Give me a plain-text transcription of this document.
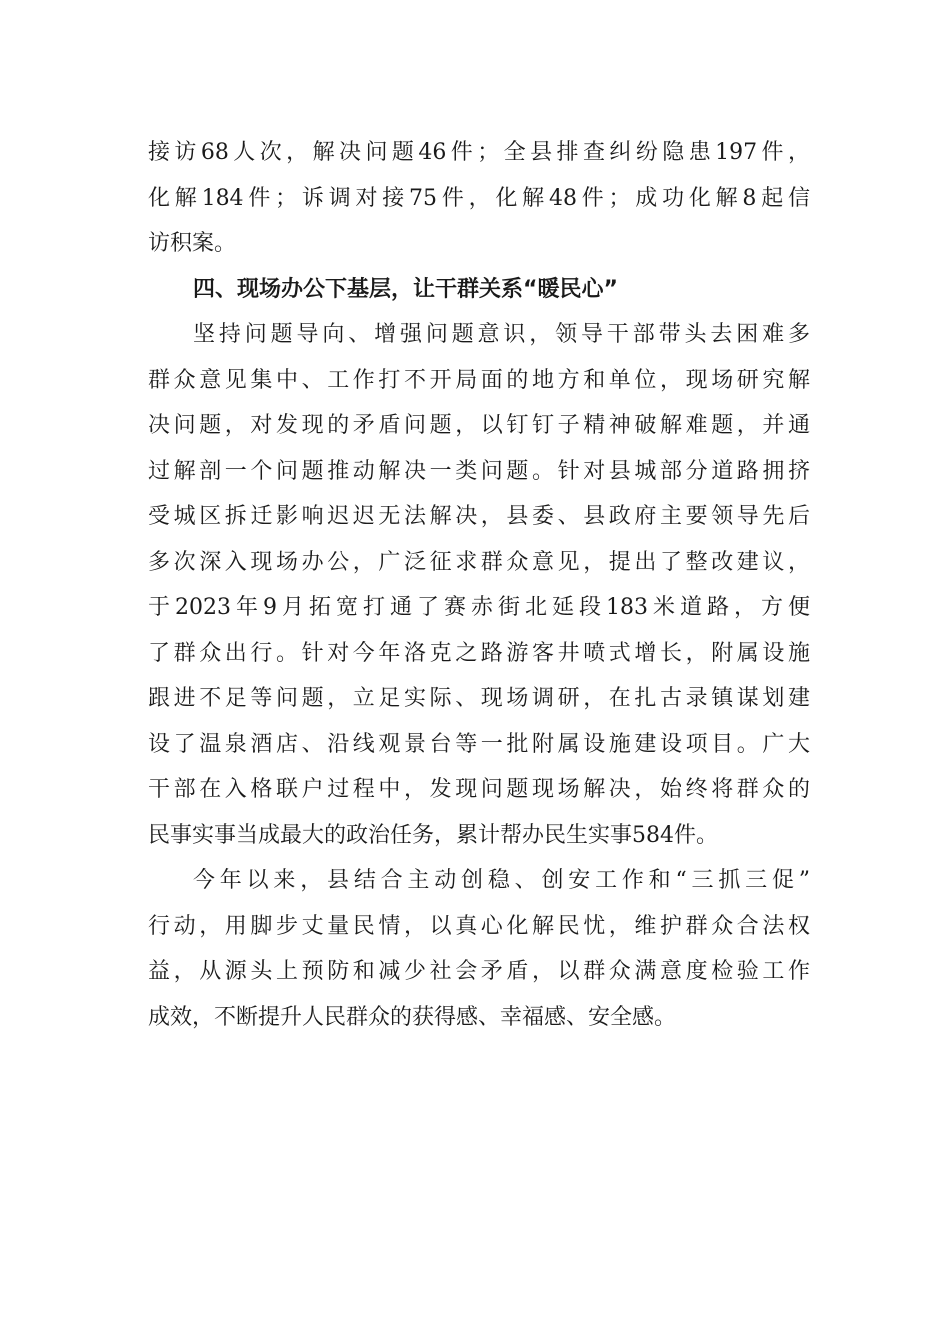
接访68人次，解决问题46件；全县排查纠纷隐患197件，
化解184件；诉调对接75件，化解48件；成功化解8起信
访积案。
四、现场办公下基层，让干群关系“暖民心”
坚持问题导向、增强问题意识，领导干部带头去困难多
群众意见集中、工作打不开局面的地方和单位，现场研究解
决问题，对发现的矛盾问题，以钉钉子精神破解难题，并通
过解剖一个问题推动解决一类问题。针对县城部分道路拥挤
受城区拆迁影响迟迟无法解决，县委、县政府主要领导先后
多次深入现场办公，广泛征求群众意见，提出了整改建议，
于2023年9月拓宽打通了赛赤街北延段183米道路，方便
了群众出行。针对今年洛克之路游客井喷式增长，附属设施
跟进不足等问题，立足实际、现场调研，在扎古录镇谋划建
设了温泉酒店、沿线观景台等一批附属设施建设项目。广大
干部在入格联户过程中，发现问题现场解决，始终将群众的
民事实事当成最大的政治任务，累计帮办民生实事584件。
今年以来，县结合主动创稳、创安工作和“三抓三促”
行动，用脚步丈量民情，以真心化解民忧，维护群众合法权
益，从源头上预防和减少社会矛盾，以群众满意度检验工作
成效，不断提升人民群众的获得感、幸福感、安全感。
